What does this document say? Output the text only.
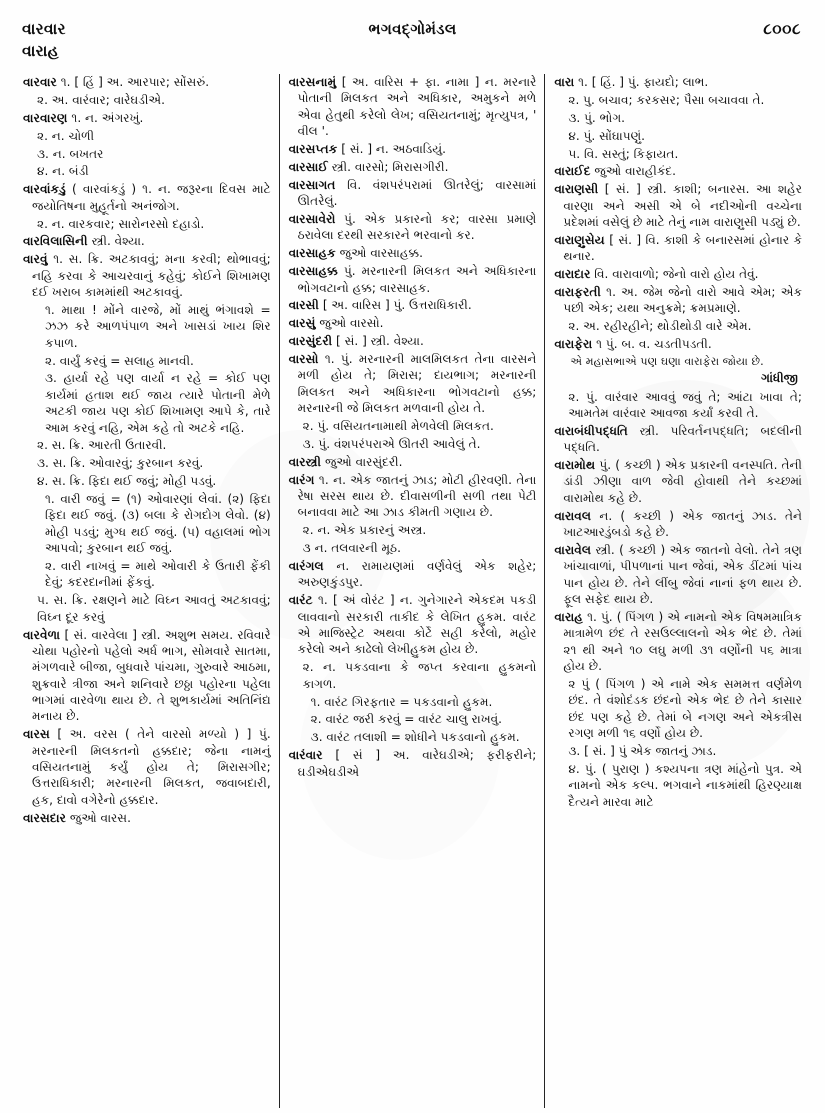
વારવાર
વારાહ
ભગવદ્ગોમંડલ	૮૦૦૮

વારવાર ૧. [ હિં ] અ. આરપાર; સોંસરું.

૨. અ. વારંવાર; વારેઘડીએ.

વારવારણ ૧. ન. અંગરખું.

૨. ન. ચોળી

૩. ન. બખતર

૪. ન. બંડી

વારવાંકડું ( વારવાંકડું ) ૧. ન. જરૂરના દિવસ માટે જયોતિષના મુહૂર્તનો અનંજોગ.

૨. ન. વારકવાર; સારોનરસો દહાડો.

વારવિલાસિની સ્ત્રી. વેશ્યા.

વારવું ૧. સ. ક્રિ. અટકાવવું; મના કરવી; થોભાવવું; નહિ કરવા કે આચરવાનું કહેવું; કોઈને શિખામણ દઈ ખરાબ કામમાંથી અટકાવવું.

૧. માથા ! મોંને વારજે, મોં માથું ભંગાવશે = ઝઝ કરે આળપંપાળ અને ખાસડાં ખાય શિર કપાળ.

૨. વાર્યું કરવું = સલાહ માનવી.

૩. હાર્યા રહે પણ વાર્યા ન રહે = કોઈ પણ કાર્યમાં હતાશ થઈ જાય ત્યારે પોતાની મેળે અટકી જાય પણ કોઈ શિખામણ આપે કે, તારે આમ કરવું નહિ, એમ કહે તો અટકે નહિ.

૨. સ. ક્રિ. આરતી ઉતારવી.

૩. સ. ક્રિ. ઓવારવું; કુરબાન કરવું.

૪. સ. ક્રિ. ફિદા થઈ જવું; મોહી પડવું.

૧. વારી જવું = (૧) ઓવારણાં લેવાં. (૨) ફિદા ફિદા થઈ જવું. (૩) બલા કે રોગદોગ લેવો. (૪) મોહી પડવું; મુગ્ધ થઈ જવું. (૫) વહાલમાં ભોગ આપવો; કુરબાન થઈ જવું.

૨. વારી નાખવું = માથે ઓવારી કે ઉતારી ફેંકી દેવું; કદરદાનીમાં ફેંકવું.

૫. સ. ક્રિ. રક્ષણને માટે વિઘ્ન આવતું અટકાવવું; વિઘ્ન દૂર કરવું

વારવેળા [ સં. વારવેલા ] સ્ત્રી. અશુભ સમય. રવિવારે ચોથા પહોરનો પહેલો અર્ધ ભાગ, સોમવારે સાતમા, મંગળવારે બીજા, બુધવારે પાંચમા, ગુરુવારે આઠમા, શુક્રવારે ત્રીજા અને શનિવારે છઠ્ઠા પહોરના પહેલા ભાગમાં વારવેળા થાય છે. તે શુભકાર્યમાં અતિનિંદ્ય મનાય છે.

વારસ [ અ. વરસ ( તેને વારસો મળ્યો ) ] પું. મરનારની મિલકતનો હક્કદાર; જેના નામનું વસિયતનામું કર્યું હોય તે; મિરાસગીર; ઉત્તરાધિકારી; મરનારની મિલકત, જવાબદારી, હક, દાવો વગેરેનો હક્કદાર.

વારસદાર જુઓ વારસ.

વારસનામું [ અ. વારિસ + ફા. નામા ] ન. મરનારે પોતાની મિલકત અને અધિકાર, અમુકને મળે એવા હેતુથી કરેલો લેખ; વસિયતનામું; મૃત્યુપત્ર, ' વીલ '.

વારસપ્તક [ સં. ] ન. અઠવાડિયું.

વારસાઈ સ્ત્રી. વારસો; મિરાસગીરી.

વારસાગત વિ. વંશપરંપરામાં ઊતરેલું; વારસામાં ઊતરેલું.

વારસાવેરો પું. એક પ્રકારનો કર; વારસા પ્રમાણે ઠરાવેલા દરથી સરકારને ભરવાનો કર.

વારસાહક જુઓ વારસાહક્ક.

વારસાહક્ક પું. મરનારની મિલકત અને અધિકારના ભોગવટાનો હક્ક; વારસાહક.

વારસી [ અ. વારિસ ] પું. ઉત્તરાધિકારી.

વારસું જુઓ વારસો.

વારસુંદરી [ સં. ] સ્ત્રી. વેશ્યા.

વારસો ૧. પું. મરનારની માલમિલકત તેના વારસને મળી હોય તે; મિરાસ; દાયભાગ; મરનારની મિલકત અને અધિકારના ભોગવટાનો હક્ક; મરનારની જે મિલકત મળવાની હોય તે.

૨. પું. વસિયતનામાથી મેળવેલી મિલકત.

૩. પું. વંશપરંપરાએ ઊતરી આવેલું તે.

વારસ્ત્રી જુઓ વારસુંદરી.

વારંગ ૧. ન. એક જાતનું ઝાડ; મોટી હીરવણી. તેના રેષા સરસ થાય છે. દીવાસળીની સળી તથા પેટી બનાવવા માટે આ ઝાડ કીમતી ગણાય છે.

૨. ન. એક પ્રકારનું અસ્ત્ર.

૩ ન. તલવારની મૂઠ.

વારંગલ ન. રામાયણમાં વર્ણવેલું એક શહેર; અરુણકુંડપુર.

વારંટ ૧. [ અં વોરંટ ] ન. ગુનેગારને એકદમ પકડી લાવવાનો સરકારી તાકીદ કે લેખિત હુકમ. વારંટ એ માજિસ્ટ્રેટ અથવા કોર્ટે સહી કરેલો, મહોર કરેલો અને કાઢેલો લેખીહુકમ હોય છે.

૨. ન. પકડવાના કે જપ્ત કરવાના હુકમનો કાગળ.

૧. વારંટ ગિરફતાર = પકડવાનો હુકમ.

૨. વારંટ જરી કરવું = વારંટ ચાલુ રાખવું.

૩. વારંટ તલાશી = શોધીને પકડવાનો હુકમ.

વારંવાર [ સં ] અ. વારેઘડીએ; ફરીફરીને; ઘડીએઘડીએ

વારા ૧. [ હિં. ] પું. ફાયદો; લાભ.

૨. પુ. બચાવ; કરકસર; પૈસા બચાવવા તે.

૩. પું. ભોગ.

૪. પું. સોંઘાપણું.

૫. વિ. સસ્તું; કિફાયત.

વારાઈદ જુઓ વારાહીકંદ.

વારાણસી [ સં. ] સ્ત્રી. કાશી; બનારસ. આ શહેર વારણા અને અસી એ બે નદીઓની વચ્ચેના પ્રદેશમાં વસેલું છે માટે તેનું નામ વારાણુસી પડ્યું છે.

વારાણુસેય [ સં. ] વિ. કાશી કે બનારસમાં હોનાર કે થનાર.

વારાદાર વિ. વારાવાળો; જેનો વારો હોય તેવું.

વારાફરતી ૧. અ. જેમ જેનો વારો આવે એમ; એક પછી એક; યથા અનુક્રમે; ક્રમપ્રમાણે.

૨. અ. રહીરહીને; થોડીથોડી વારે એમ.

વારાફેરા ૧ પું. બ. વ. ચડતીપડતી.

એ મહાસભાએ પણ ઘણા વારાફેરા જોયા છે.

ગાંધીજી

૨. પું. વારંવાર આવવું જવું તે; આંટા ખાવા તે; આમતેમ વારંવાર આવજા કર્યાં કરવી તે.

વારાબંધીપદ્ધતિ સ્ત્રી. પરિવર્તનપદ્ધતિ; બદલીની પદ્ધતિ.

વારામોથ પું. ( કચ્છી ) એક પ્રકારની વનસ્પતિ. તેની ડાંડી ઝીણા વાળ જેવી હોવાથી તેને કચ્છમાં વારામોથ કહે છે.

વારાવલ ન. ( કચ્છી ) એક જાતનું ઝાડ. તેને ખાટઆરડુંબડો કહે છે.

વારાવેલ સ્ત્રી. ( કચ્છી ) એક જાતનો વેલો. તેને ત્રણ ખાંચાવાળાં, પીપળાનાં પાન જેવાં, એક ડીંટમાં પાંચ પાન હોય છે. તેને લીંબુ જેવાં નાનાં ફળ થાય છે. ફૂલ સફેદ થાય છે.

વારાહ ૧. પું. ( પિંગળ ) એ નામનો એક વિષમમાત્રિક માત્રામેળ છંદ તે રસઉલ્લાલનો એક ભેદ છે. તેમાં ૨૧ થી અને ૧૦ લઘુ મળી ૩૧ વર્ણોની ૫૬ માત્રા હોય છે.

૨ પું ( પિંગળ ) એ નામે એક સમમત્ત વર્ણમેળ છંદ. તે વંશોદંડક છંદનો એક ભેદ છે તેને કાસાર છંદ પણ કહે છે. તેમાં બે નગણ અને એકત્રીસ રગણ મળી ૧૬ વર્ણો હોય છે.

૩. [ સં. ] પું એક જાતનું ઝાડ.

૪. પું. ( પુરાણ ) કશ્યપના ત્રણ માંહેનો પુત્ર. એ નામનો એક કલ્પ. ભગવાને નાકમાંથી હિરણ્યાક્ષ દૈત્યને મારવા માટે
